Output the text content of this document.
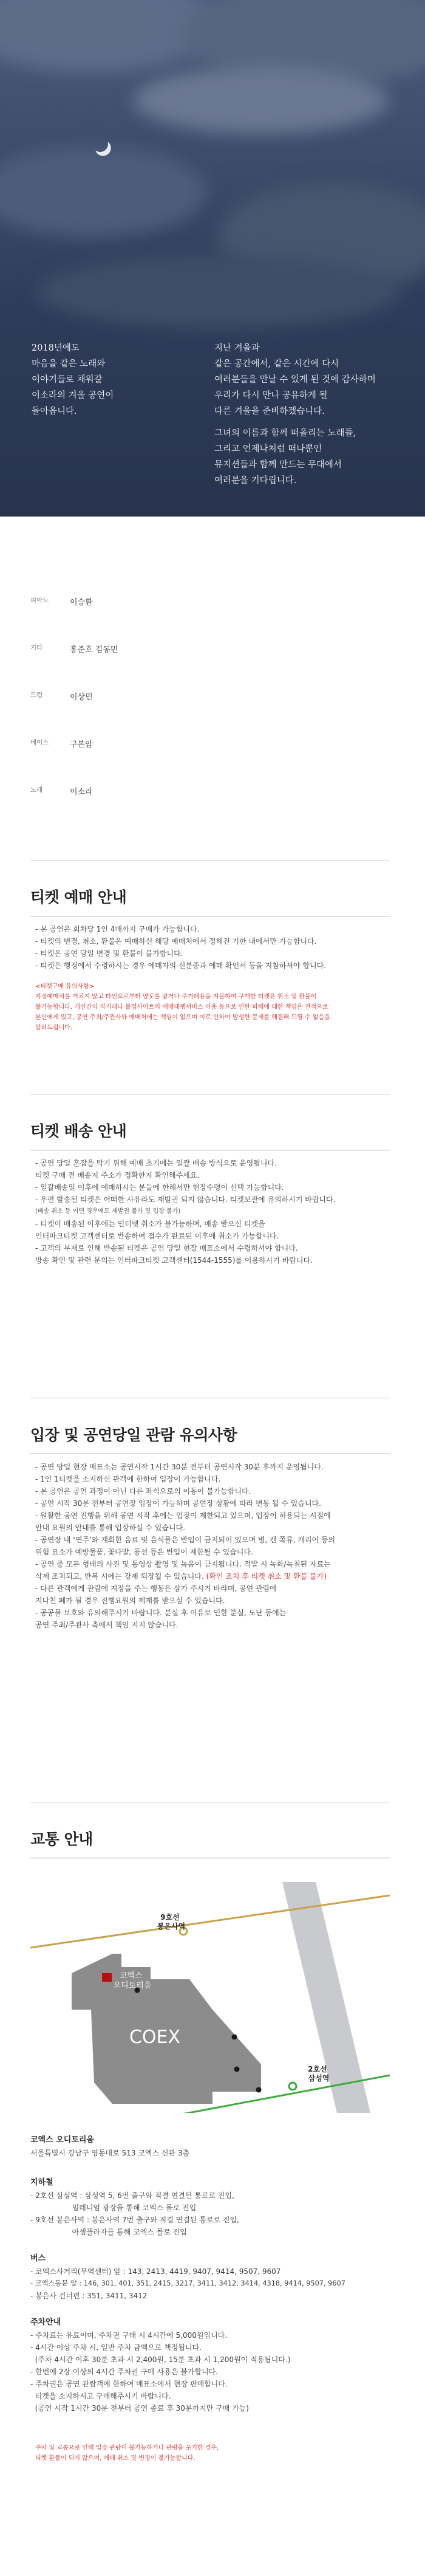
2018년에도
마음을 같은 노래와
이야기들로 채워갈
이소라의 겨울 공연이
돌아옵니다.
지난 겨울과
같은 공간에서, 같은 시간에 다시
여러분들을 만날 수 있게 된 것에 감사하며
우리가 다시 만나 공유하게 될
다른 겨울을 준비하겠습니다.
그녀의 이름과 함께 떠올리는 노래들,
그리고 언제나처럼 떠나뿐인
뮤지션들과 함께 만드는 무대에서
여러분을 기다립니다.
피아노	이승환
기타	홍준호 김동민
드럼	이상민
베이스	구본암
노래	이소라
티켓 예매 안내
- 본 공연은 회차당 1인 4매까지 구매가 가능합니다.
- 티켓의 변경, 취소, 환불은 예매하신 해당 예매처에서 정해진 기한 내에서만 가능합니다.
- 티켓은 공연 당일 변경 및 환불이 불가합니다.
- 티켓은 행정에서 수령하시는 경우 예매자의 신분증과 예매 확인서 등을 지참하셔야 합니다.
<티켓구매 유의사항>
지정예매처를 거치지 않고 타인으로부터 양도를 받거나 주거래용을 지불하여 구매한 티켓은 취소 및 환불이
불가능합니다. 개인간의 직거래나 불법사이트의 예매대행서비스 이용 등으로 인한 피해에 대한 책임은 전적으로
본인에게 있고, 공연 주최/주관사와 예매처에는 책임이 없으며 이로 인하여 발생한 문제를 해결해 드릴 수 없음을
알려드립니다.
티켓 배송 안내
- 공연 당일 혼잡을 막기 위해 예매 초기에는 일괄 배송 방식으로 운영됩니다.
티켓 구매 전 배송지 주소가 정확한지 확인해주세요.
- 일괄배송일 이후에 예매하시는 분들에 한해서만 현장수령이 선택 가능합니다.
- 우편 발송된 티켓은 어떠한 사유라도 재발권 되지 않습니다. 티켓보관에 유의하시기 바랍니다.
(배송 취소 등 어떤 경우에도 재발권 불가 및 입장 불가)
- 티켓이 배송된 이후에는 인터넷 취소가 불가능하며, 배송 받으신 티켓을
인터파크티켓 고객센터로 반송하여 접수가 완료된 이후에 취소가 가능합니다.
- 고객의 부재로 인해 반송된 티켓은 공연 당일 현장 매표소에서 수령하셔야 합니다.
방송 확인 및 관련 문의는 인터파크티켓 고객센터(1544-1555)를 이용하시기 바랍니다.
입장 및 공연당일 관람 유의사항
- 공연 당일 현장 매표소는 공연시작 1시간 30분 전부터 공연시작 30분 후까지 운영됩니다.
- 1인 1티켓을 소지하신 관객에 한하여 입장이 가능합니다.
- 본 공연은 공연 과정이 아닌 다른 좌석으로의 이동이 불가능합니다.
- 공연 시작 30분 전부터 공연장 입장이 가능하며 공연장 상황에 따라 변동 될 수 있습니다.
- 원활한 공연 진행을 위해 공연 시작 후에는 입장이 제한되고 있으며, 입장이 허용되는 시점에
안내 요원의 안내를 통해 입장하실 수 있습니다.
- 공연장 내 ‘연주’와 재회한 음료 및 음식물은 반입이 금지되어 있으며 병, 캔 쪽류, 캐리어 등의
위험 요소가 예방물품, 꽃다발, 풍선 등은 반입이 제한될 수 있습니다.
- 공연 중 모든 형태의 사진 및 동영상 촬영 및 녹음이 금지됩니다. 적발 시 녹화/녹취된 자료는
삭제 조치되고, 반복 시에는 강제 퇴장될 수 있습니다. (확인 조치 후 티켓 취소 및 환불 불가)
- 다른 관객에게 관람에 지장을 주는 행동은 삼가 주시기 바라며, 공연 관람에
지나친 폐가 될 경우 진행요원의 제재를 받으실 수 있습니다.
- 공공물 보호와 유의해주시기 바랍니다. 분실 후 이유로 인한 분실, 도난 등에는
공연 주최/주관사 측에서 책임 지지 않습니다.
교통 안내
9호선 봉은사역
2호선 삼성역
코엑스 오디토리움
COEX
코엑스 오디토리움
서울특별시 강남구 영동대로 513 코엑스 신관 3층
지하철
- 2호선 삼성역 : 삼성역 5, 6번 출구와 직결 연결된 통로로 진입,
밀레니엄 광장을 통해 코엑스 몰로 진입
- 9호선 봉은사역 : 봉은사역 7번 출구와 직결 연결된 통로로 진입,
아셈플라자를 통해 코엑스 몰로 진입
버스
- 코엑스사거리(무역센터) 앞 : 143, 2413, 4419, 9407, 9414, 9507, 9607
- 코엑스동문 앞 : 146, 301, 401, 351, 2415, 3217, 3411, 3412, 3414, 4318, 9414, 9507, 9607
- 봉은사 건너편 : 351, 3411, 3412
주차안내
- 주차료는 유료이며, 주차권 구매 시 4시간에 5,000원입니다.
- 4시간 이상 주차 시, 일반 주차 금액으로 책정됩니다.
(주차 4시간 이후 30분 초과 시 2,400원, 15분 초과 시 1,200원이 적용됩니다.)
- 한번에 2장 이상의 4시간 주차권 구매 사용은 불가합니다.
- 주차권은 공연 관람객에 한하여 매표소에서 현장 판매합니다.
티켓을 소지하시고 구매해주시기 바랍니다.
(공연 시작 1시간 30분 전부터 공연 종료 후 30분까지만 구매 가능)
주차 및 교통으로 인해 입장 관람이 불가능하거나 관람을 포기한 경우,
티켓 환불이 되지 않으며, 예매 취소 및 변경이 불가능합니다.
